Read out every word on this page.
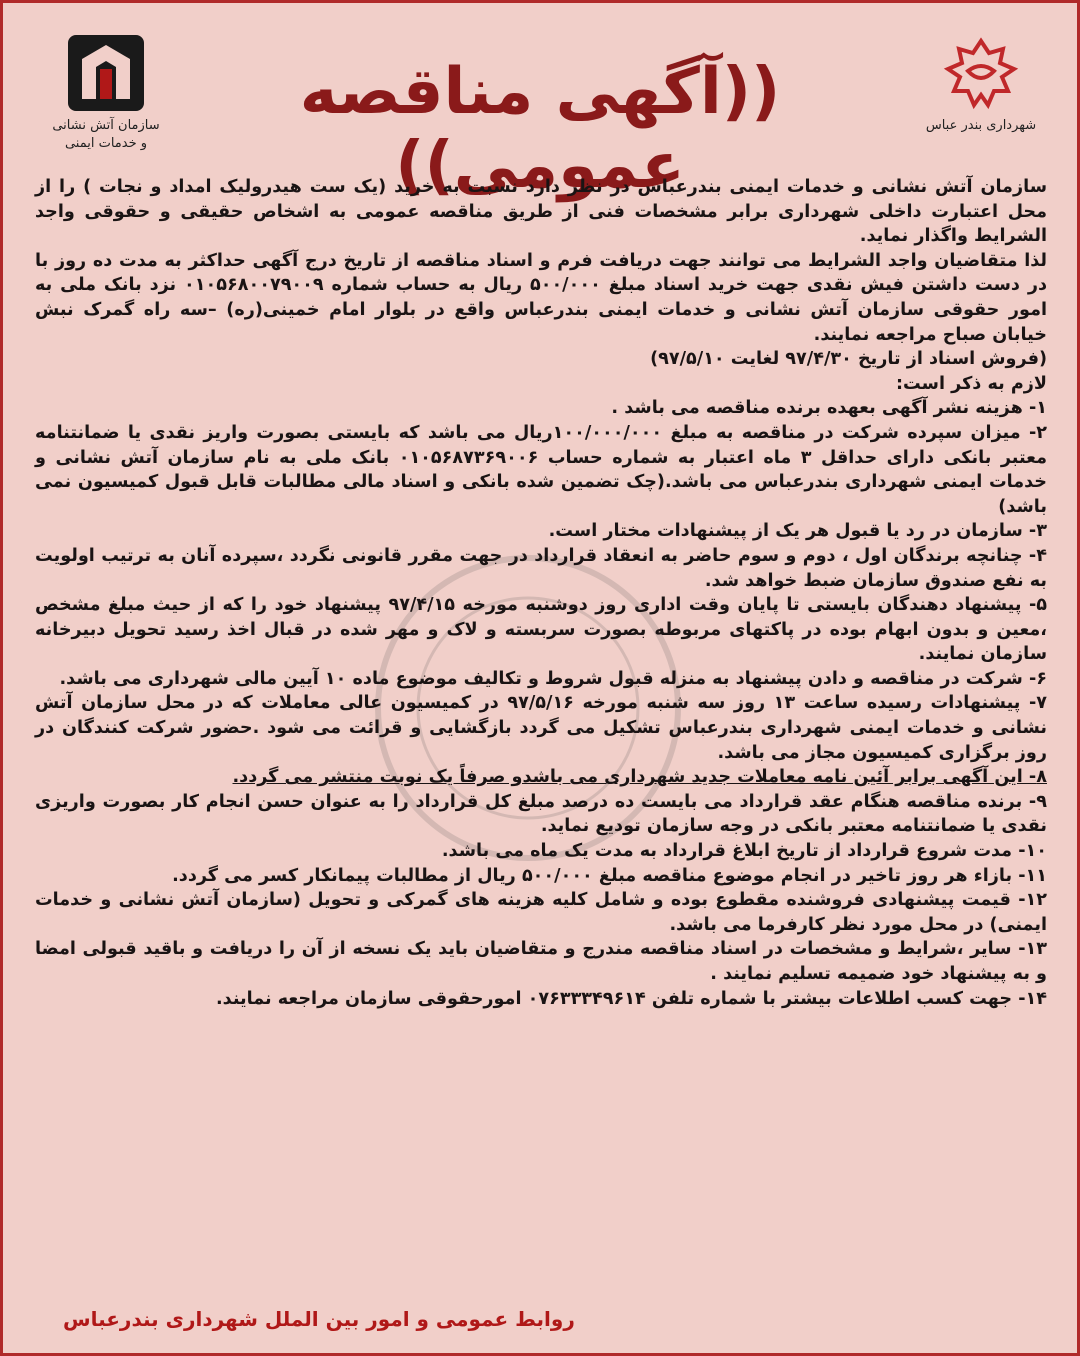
سازمان آتش نشانی
و خدمات ایمنی
((آگهی مناقصه عمومی))
شهرداری بندر عباس

سازمان آتش نشانی و خدمات ایمنی بندرعباس در نظر دارد نسبت به خرید (یک ست هیدرولیک امداد و نجات ) را از محل اعتبارت داخلی شهرداری برابر مشخصات فنی از طریق مناقصه عمومی به اشخاص حقیقی و حقوقی واجد الشرایط واگذار نماید.

لذا متقاضیان واجد الشرایط می توانند جهت دریافت فرم و اسناد مناقصه از تاریخ درج آگهی حداکثر به مدت ده روز با در دست داشتن فیش نقدی جهت خرید اسناد مبلغ ۵۰۰/۰۰۰ ریال به حساب شماره ۰۱۰۵۶۸۰۰۷۹۰۰۹ نزد بانک ملی به امور حقوقی سازمان آتش نشانی و خدمات ایمنی بندرعباس واقع در بلوار امام خمینی(ره) –سه راه گمرک نبش خیابان صباح مراجعه نمایند.

(فروش اسناد از تاریخ ۹۷/۴/۳۰ لغایت ۹۷/۵/۱۰)

لازم به ذکر است:

۱- هزینه نشر آگهی بعهده برنده مناقصه می باشد .

۲- میزان سپرده شرکت در مناقصه به مبلغ ۱۰۰/۰۰۰/۰۰۰ریال می باشد که بایستی بصورت واریز نقدی یا ضمانتنامه معتبر بانکی دارای حداقل ۳ ماه اعتبار به شماره حساب ۰۱۰۵۶۸۷۳۶۹۰۰۶ بانک ملی به نام سازمان آتش نشانی و خدمات ایمنی شهرداری بندرعباس می باشد.(چک تضمین شده بانکی و اسناد مالی مطالبات قابل قبول کمیسیون نمی باشد)

۳- سازمان در رد یا قبول هر یک از پیشنهادات مختار است.

۴- چنانچه برندگان اول ، دوم و سوم حاضر به انعقاد قرارداد در جهت مقرر قانونی نگردد ،سپرده آنان به ترتیب اولویت به نفع صندوق سازمان ضبط خواهد شد.

۵- پیشنهاد دهندگان بایستی تا پایان وقت اداری روز دوشنبه مورخه ۹۷/۴/۱۵ پیشنهاد خود را که از حیث مبلغ مشخص ،معین و بدون ابهام بوده در پاکتهای مربوطه بصورت سربسته و لاک و مهر شده در قبال اخذ رسید تحویل دبیرخانه سازمان نمایند.

۶- شرکت در مناقصه و دادن پیشنهاد به منزله قبول شروط و تکالیف موضوع ماده ۱۰ آیین مالی شهرداری می باشد.

۷- پیشنهادات رسیده ساعت ۱۳ روز سه شنبه مورخه ۹۷/۵/۱۶ در کمیسیون عالی معاملات که در محل سازمان آتش نشانی و خدمات ایمنی شهرداری بندرعباس تشکیل می گردد بازگشایی و قرائت می شود .حضور شرکت کنندگان در روز برگزاری کمیسیون مجاز می باشد.

۸- این آگهی برابر آئین نامه معاملات جدید شهرداری می باشدو صرفاً یک نوبت منتشر می گردد.

۹- برنده مناقصه هنگام عقد قرارداد می بایست ده درصد مبلغ کل قرارداد را به عنوان حسن انجام کار بصورت واریزی نقدی یا ضمانتنامه معتبر بانکی در وجه سازمان تودیع نماید.

۱۰- مدت شروع قرارداد از تاریخ ابلاغ قرارداد به مدت یک ماه می باشد.

۱۱- بازاء هر روز تاخیر در انجام موضوع مناقصه مبلغ ۵۰۰/۰۰۰ ریال از مطالبات پیمانکار کسر می گردد.

۱۲- قیمت پیشنهادی فروشنده مقطوع بوده و شامل کلیه هزینه های گمرکی و تحویل (سازمان آتش نشانی و خدمات ایمنی) در محل مورد نظر کارفرما می باشد.

۱۳- سایر ،شرایط و مشخصات در اسناد مناقصه مندرج و متقاضیان باید یک نسخه از آن را دریافت و باقید قبولی امضا و به پیشنهاد خود ضمیمه تسلیم نمایند .

۱۴- جهت کسب اطلاعات بیشتر با شماره تلفن ۰۷۶۳۳۳۴۹۶۱۴ امورحقوقی سازمان مراجعه نمایند.

روابط عمومی و امور بین الملل شهرداری بندرعباس
